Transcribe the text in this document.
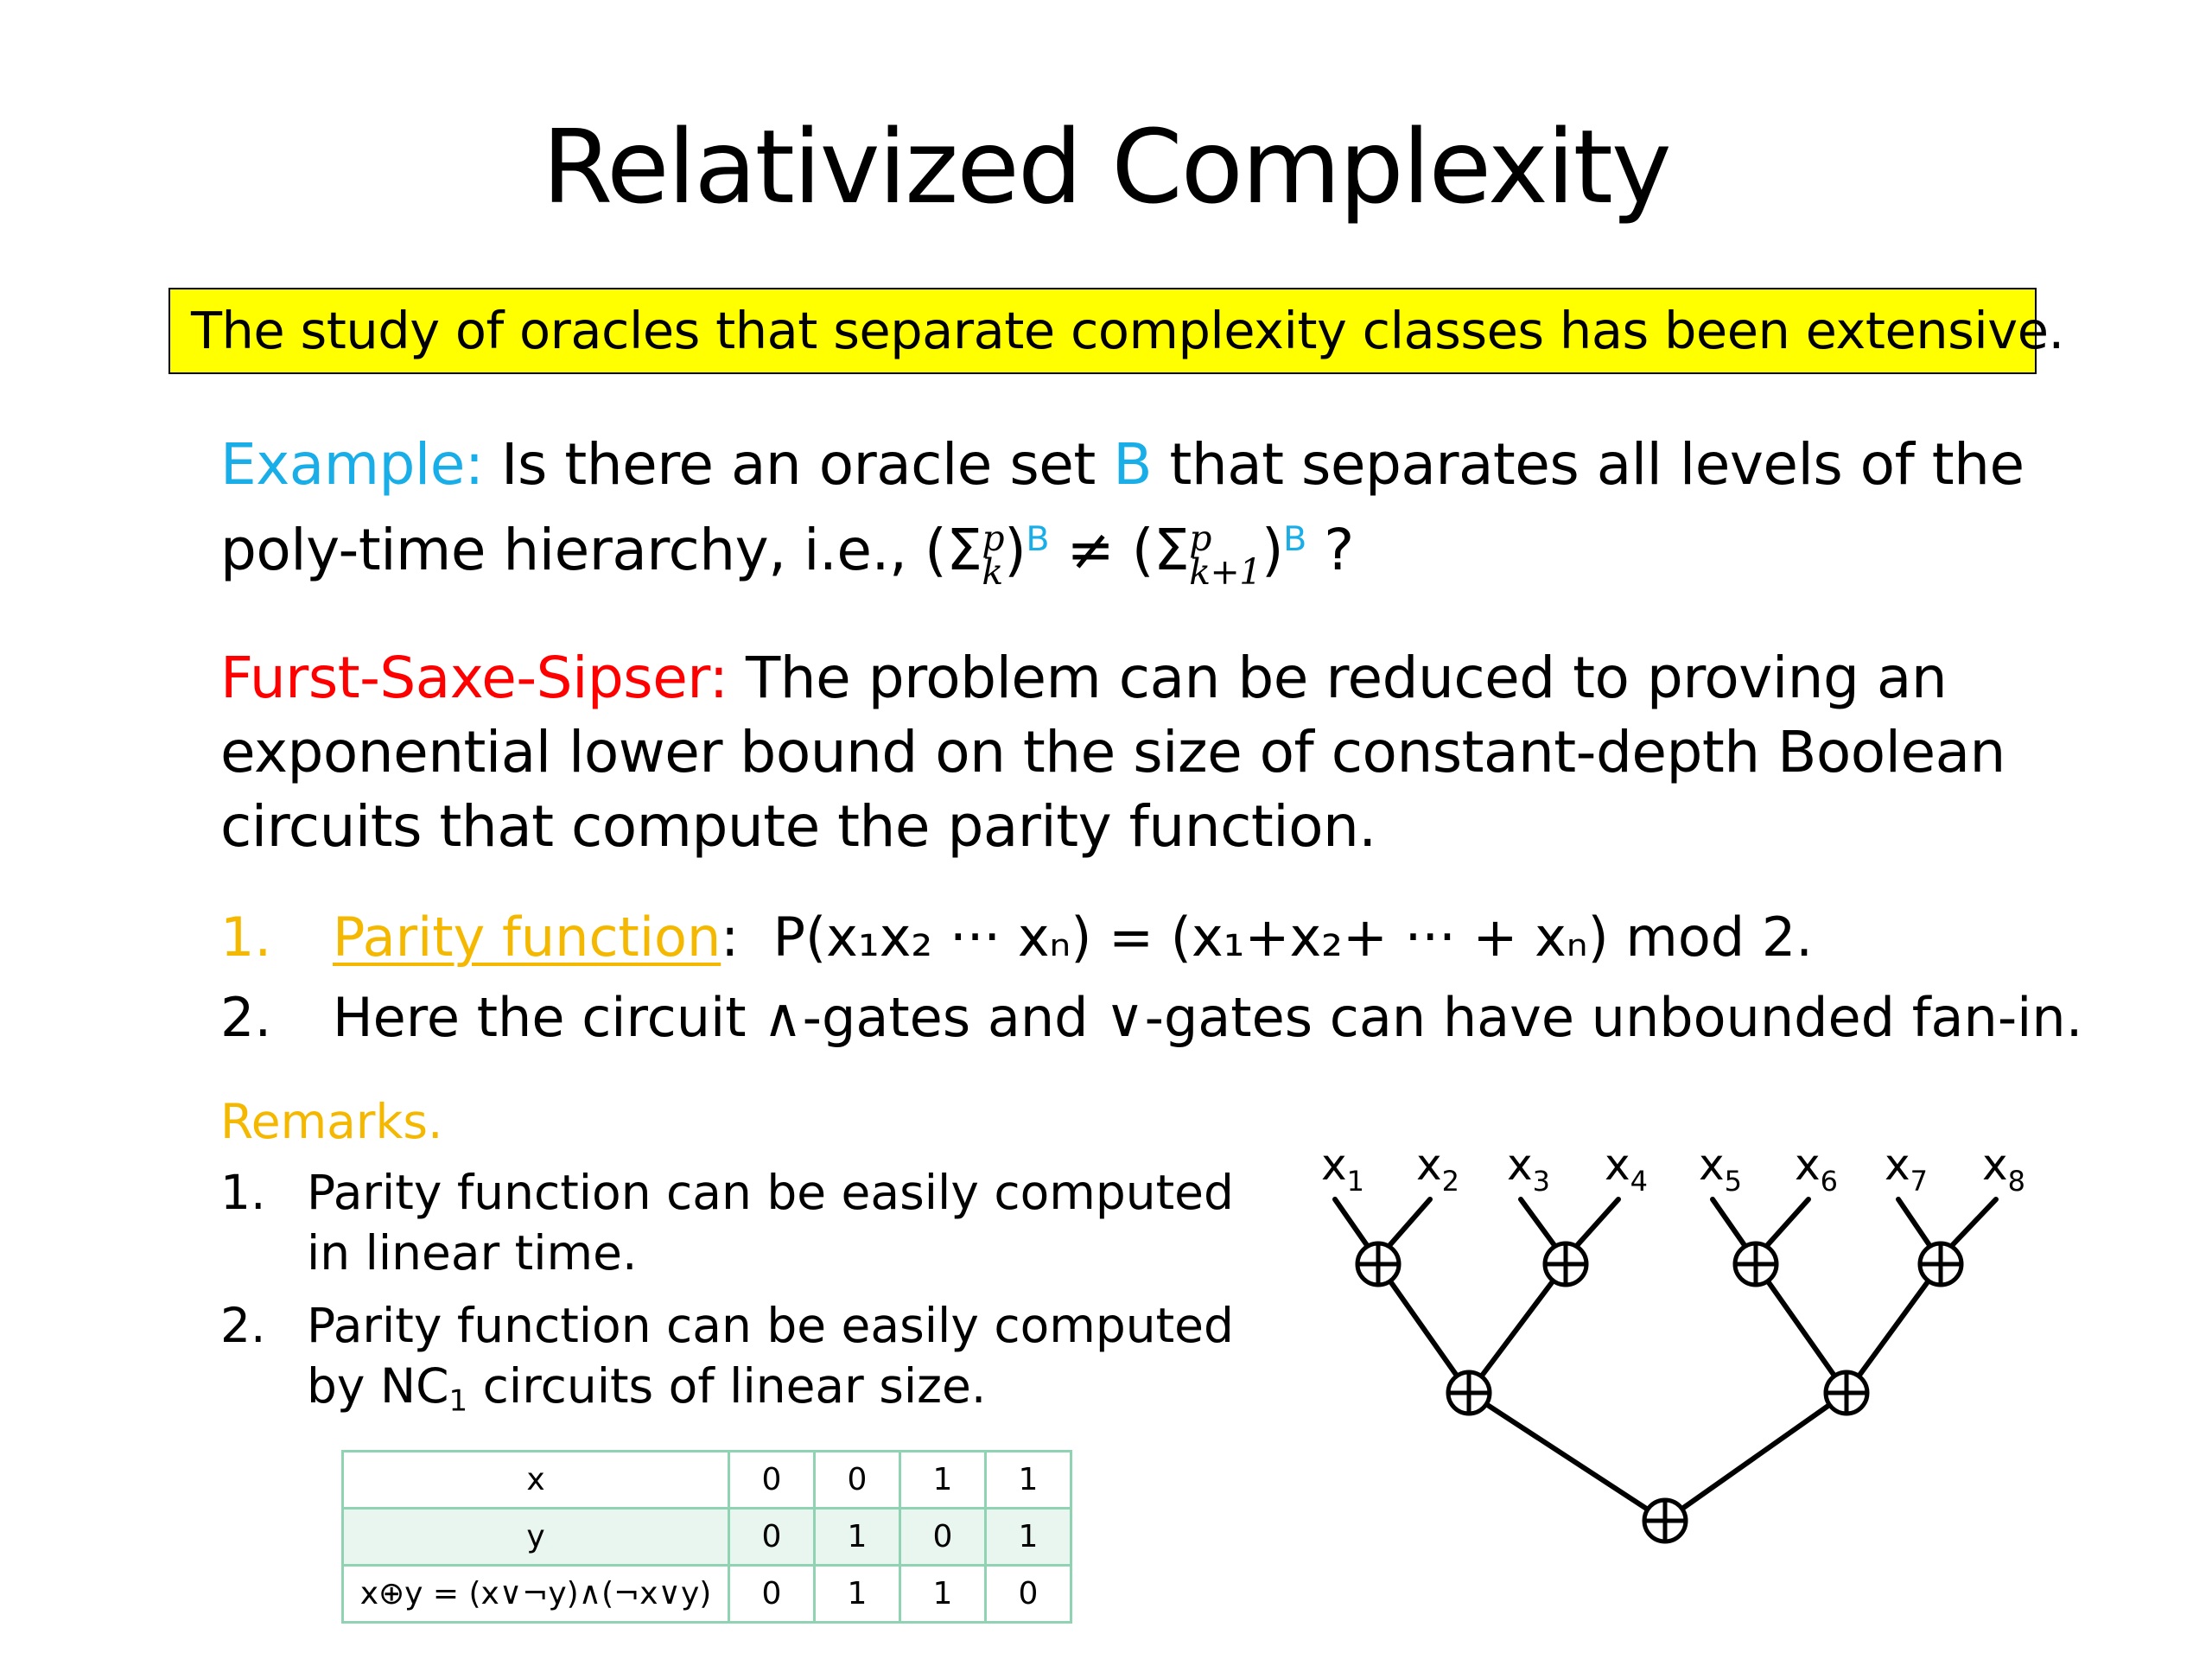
Relativized Complexity
The study of oracles that separate complexity classes has been extensive.
Example: Is there an oracle set B that separates all levels of the
poly-time hierarchy, i.e., (Σ p
k )$^B$ ≠ (Σ p
k+1 )$^B$ ?
Furst-Saxe-Sipser: The problem can be reduced to proving an
exponential lower bound on the size of constant-depth Boolean
circuits that compute the parity function.
1. Parity function: P(x₁x₂ ··· xₙ) = (x₁+x₂+ ··· + xₙ) mod 2.
2. Here the circuit ∧-gates and ∨-gates can have unbounded fan-in.
Remarks.
1. Parity function can be easily computed
in linear time.
2. Parity function can be easily computed
by $NC_1$ circuits of linear size.
x	0	0	1	1
y	0	1	0	1
x⊕y = (x∨¬y)∧(¬x∨y)	0	1	1	0
$x_1$ $x_2$ $x_3$ $x_4$ $x_5$ $x_6$ $x_7$ $x_8$
